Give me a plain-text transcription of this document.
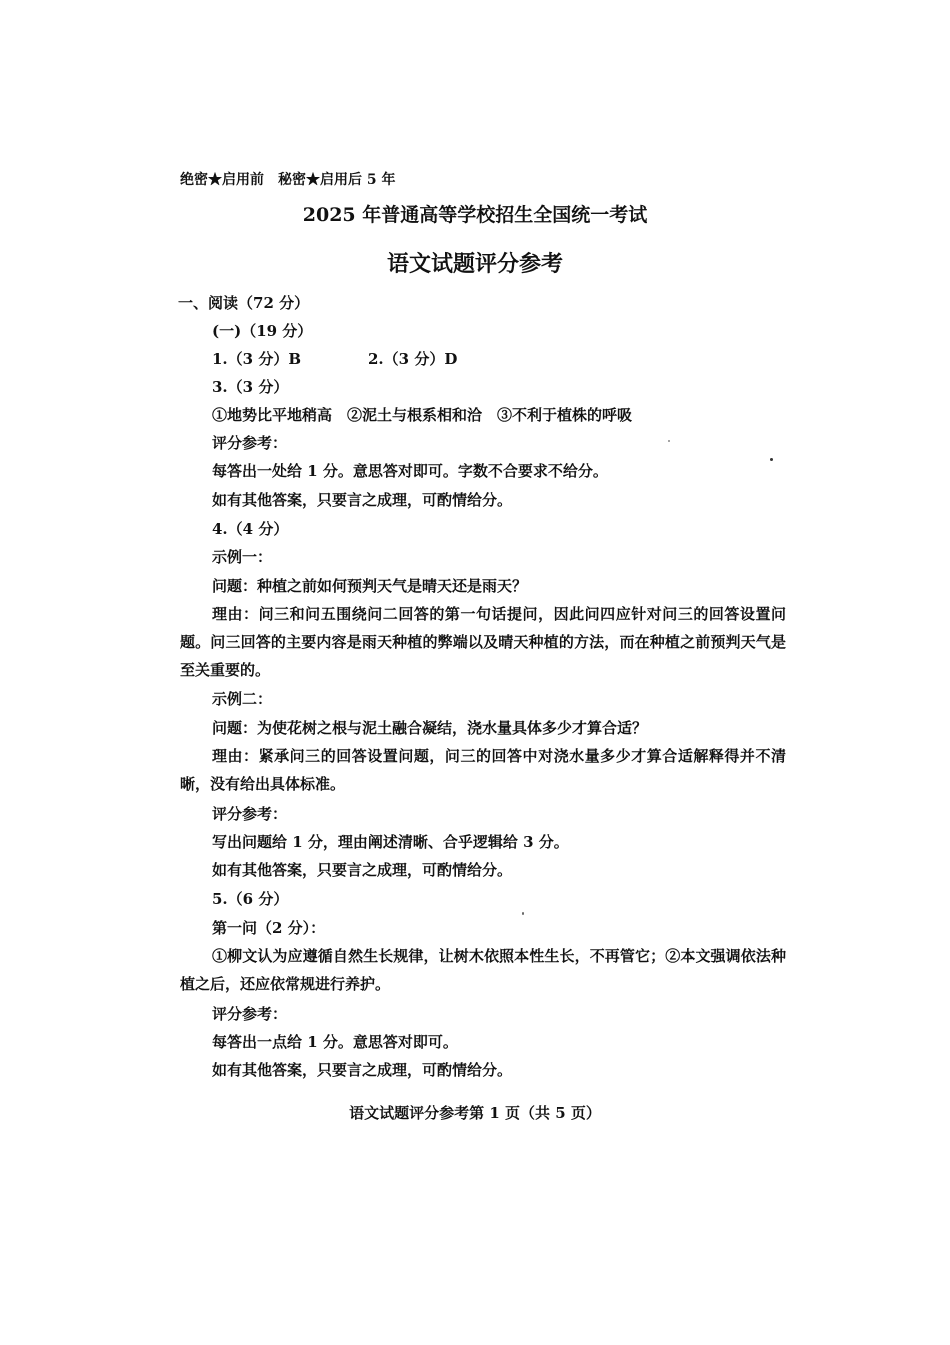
绝密★启用前　秘密★启用后 5 年
2025 年普通高等学校招生全国统一考试
语文试题评分参考
一、阅读（72 分）
(一)（19 分）
1.（3 分）B	2.（3 分）D
3.（3 分）
①地势比平地稍高　②泥土与根系相和洽　③不利于植株的呼吸
评分参考：
每答出一处给 1 分。意思答对即可。字数不合要求不给分。
如有其他答案，只要言之成理，可酌情给分。
4.（4 分）
示例一：
问题：种植之前如何预判天气是晴天还是雨天？
理由：问三和问五围绕问二回答的第一句话提问，因此问四应针对问三的回答设置问题。问三回答的主要内容是雨天种植的弊端以及晴天种植的方法，而在种植之前预判天气是至关重要的。
示例二：
问题：为使花树之根与泥土融合凝结，浇水量具体多少才算合适？
理由：紧承问三的回答设置问题，问三的回答中对浇水量多少才算合适解释得并不清晰，没有给出具体标准。
评分参考：
写出问题给 1 分，理由阐述清晰、合乎逻辑给 3 分。
如有其他答案，只要言之成理，可酌情给分。
5.（6 分）
第一问（2 分）：
①柳文认为应遵循自然生长规律，让树木依照本性生长，不再管它；②本文强调依法种植之后，还应依常规进行养护。
评分参考：
每答出一点给 1 分。意思答对即可。
如有其他答案，只要言之成理，可酌情给分。
语文试题评分参考第 1 页（共 5 页）
